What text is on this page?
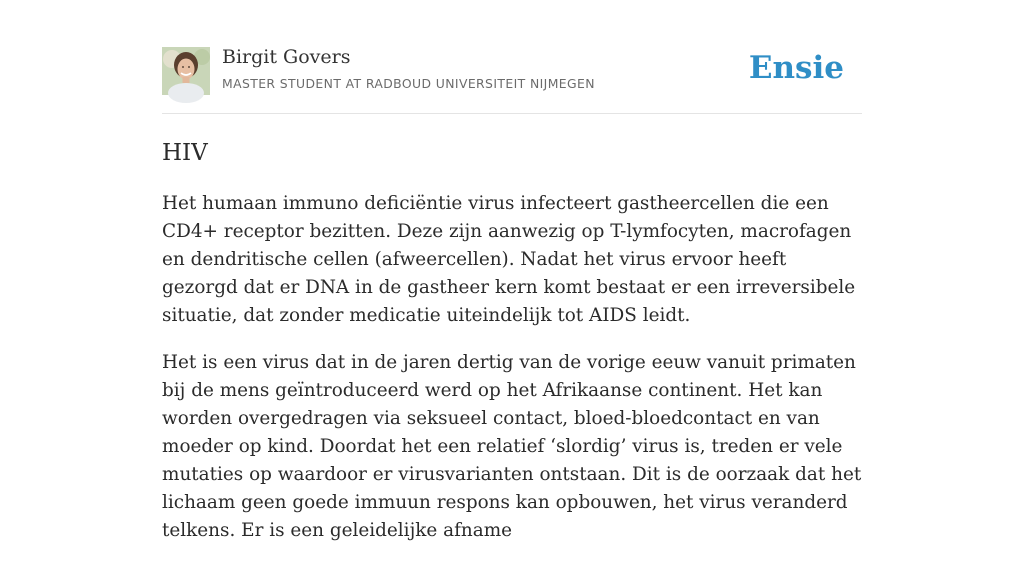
Birgit Govers
MASTER STUDENT AT RADBOUD UNIVERSITEIT NIJMEGEN	Ensie
HIV

Het humaan immuno deficiëntie virus infecteert gastheercellen die een CD4+ receptor bezitten. Deze zijn aanwezig op T-lymfocyten, macrofagen en dendritische cellen (afweercellen). Nadat het virus ervoor heeft gezorgd dat er DNA in de gastheer kern komt bestaat er een irreversibele situatie, dat zonder medicatie uiteindelijk tot AIDS leidt.

Het is een virus dat in de jaren dertig van de vorige eeuw vanuit primaten bij de mens geïntroduceerd werd op het Afrikaanse continent. Het kan worden overgedragen via seksueel contact, bloed-bloedcontact en van moeder op kind. Doordat het een relatief ‘slordig’ virus is, treden er vele mutaties op waardoor er virusvarianten ontstaan. Dit is de oorzaak dat het lichaam geen goede immuun respons kan opbouwen, het virus veranderd telkens. Er is een geleidelijke afname
